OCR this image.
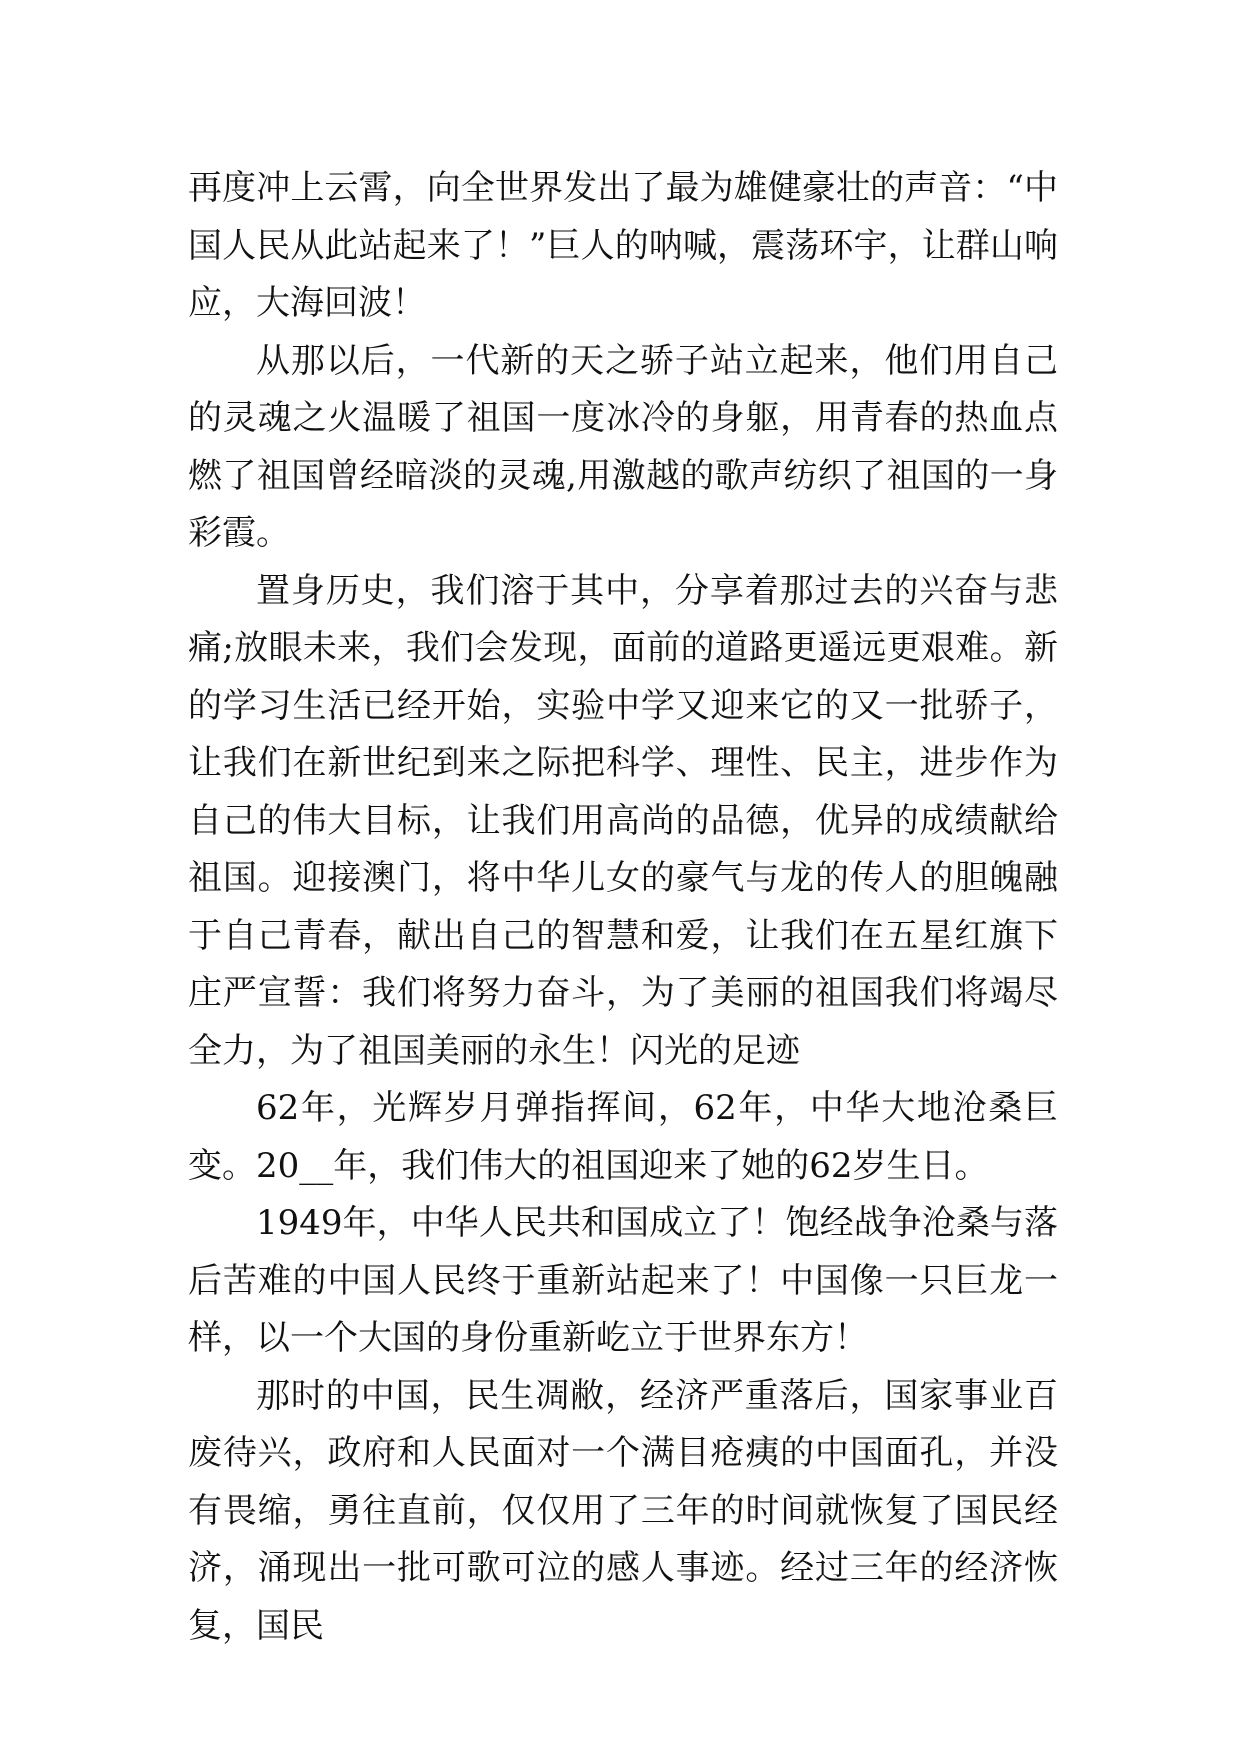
再度冲上云霄，向全世界发出了最为雄健豪壮的声音：“中国人民从此站起来了！”巨人的呐喊，震荡环宇，让群山响应，大海回波！

从那以后，一代新的天之骄子站立起来，他们用自己的灵魂之火温暖了祖国一度冰冷的身躯，用青春的热血点燃了祖国曾经暗淡的灵魂,用激越的歌声纺织了祖国的一身彩霞。

置身历史，我们溶于其中，分享着那过去的兴奋与悲痛;放眼未来，我们会发现，面前的道路更遥远更艰难。新的学习生活已经开始，实验中学又迎来它的又一批骄子，让我们在新世纪到来之际把科学、理性、民主，进步作为自己的伟大目标，让我们用高尚的品德，优异的成绩献给祖国。迎接澳门，将中华儿女的豪气与龙的传人的胆魄融于自己青春，献出自己的智慧和爱，让我们在五星红旗下庄严宣誓：我们将努力奋斗，为了美丽的祖国我们将竭尽全力，为了祖国美丽的永生！闪光的足迹

62年，光辉岁月弹指挥间，62年，中华大地沧桑巨变。20__年，我们伟大的祖国迎来了她的62岁生日。

1949年，中华人民共和国成立了！饱经战争沧桑与落后苦难的中国人民终于重新站起来了！中国像一只巨龙一样，以一个大国的身份重新屹立于世界东方！

那时的中国，民生凋敝，经济严重落后，国家事业百废待兴，政府和人民面对一个满目疮痍的中国面孔，并没有畏缩，勇往直前，仅仅用了三年的时间就恢复了国民经济，涌现出一批可歌可泣的感人事迹。经过三年的经济恢复，国民
